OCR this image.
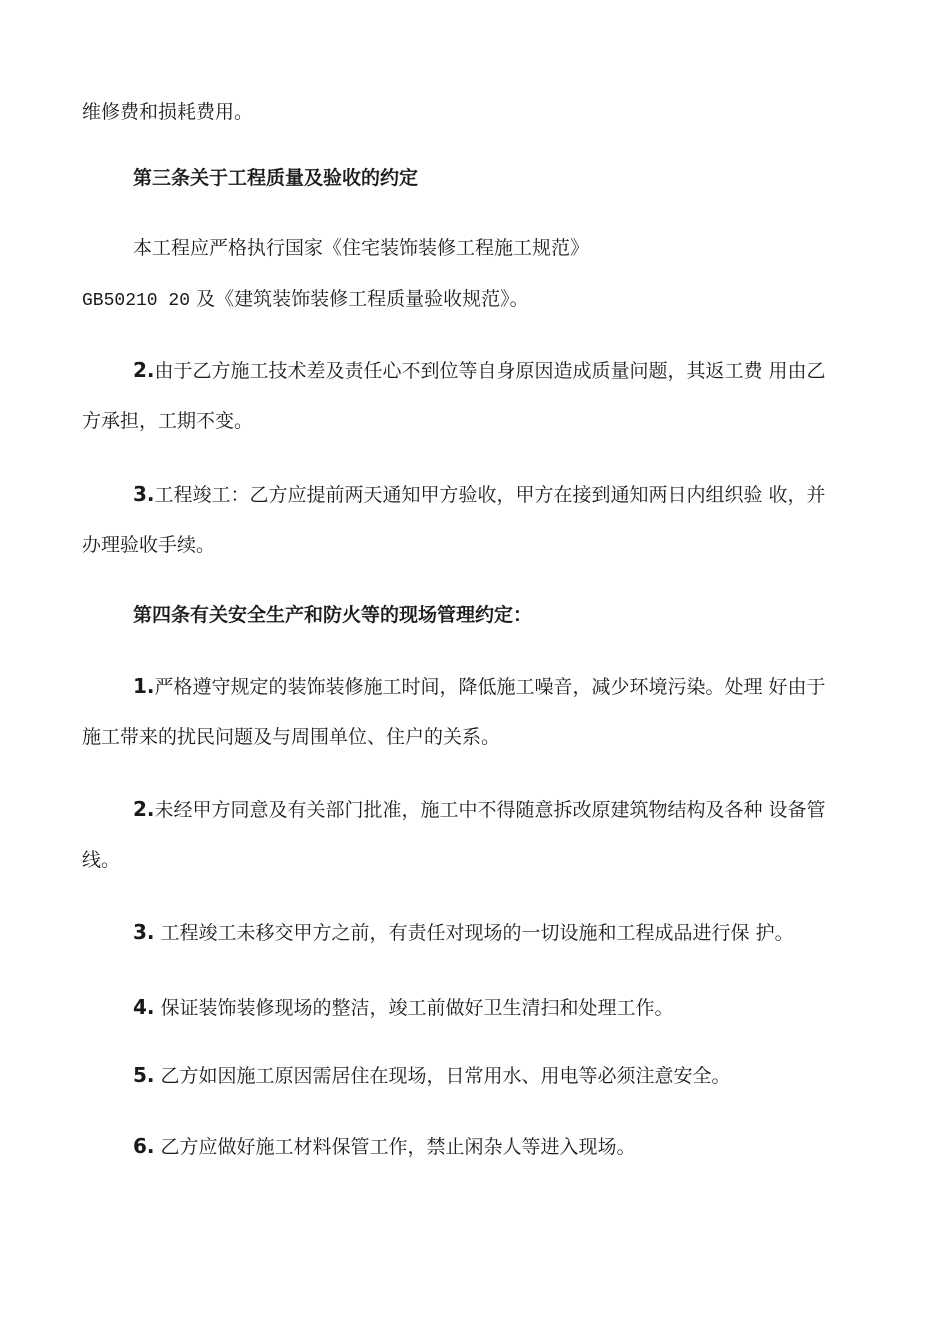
维修费和损耗费用。
第三条关于工程质量及验收的约定
本工程应严格执行国家《住宅装饰装修工程施工规范》
GB50210 20 及《建筑装饰装修工程质量验收规范》。
2.由于乙方施工技术差及责任心不到位等自身原因造成质量问题，其返工费 用由乙
方承担，工期不变。
3.工程竣工：乙方应提前两天通知甲方验收，甲方在接到通知两日内组织验 收，并
办理验收手续。
第四条有关安全生产和防火等的现场管理约定：
1.严格遵守规定的装饰装修施工时间，降低施工噪音，减少环境污染。处理 好由于
施工带来的扰民问题及与周围单位、住户的关系。
2.未经甲方同意及有关部门批准，施工中不得随意拆改原建筑物结构及各种 设备管
线。
3. 工程竣工未移交甲方之前，有责任对现场的一切设施和工程成品进行保 护。
4. 保证装饰装修现场的整洁，竣工前做好卫生清扫和处理工作。
5. 乙方如因施工原因需居住在现场，日常用水、用电等必须注意安全。
6. 乙方应做好施工材料保管工作，禁止闲杂人等进入现场。
